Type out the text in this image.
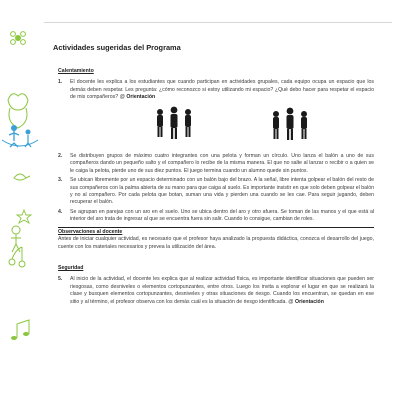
Actividades sugeridas del Programa
Calentamiento
1.	El docente les explica a los estudiantes que cuando participan en actividades grupales, cada equipo ocupa un espacio que los demás deben respetar. Les pregunta: ¿cómo reconozco si estoy utilizando mi espacio? ¿Qué debo hacer para respetar el espacio de mis compañeros? @ Orientación
2.	Se distribuyen grupos de máximo cuatro integrantes con una pelota y forman un círculo. Uno lanza el balón a uno de sus compañeros dando un pequeño salto y el compañero lo recibe de la misma manera. El que no salte al lanzar o recibir o a quien se le caiga la pelota, pierde uno de sus diez puntos. El juego termina cuando un alumno quede sin puntos.
3.	Se ubican libremente por un espacio determinado con un balón bajo del brazo. A la señal, libre intenta golpear el balón del resto de sus compañeros con la palma abierta de su mano para que caiga al suelo. Es importante insistir en que solo deben golpear el balón y no al compañero. Por cada pelota que botan, suman una vida y pierden una cuando se les cae. Para seguir jugando, deben recuperar el balón.
4.	Se agrupan en parejas con un aro en el suelo. Uno se ubica dentro del aro y otro afuera. Se toman de las manos y el que está al interior del aro trata de ingresar al que se encuentra fuera sin salir. Cuando lo consigue, cambian de roles.
Observaciones al docente
Antes de iniciar cualquier actividad, es necesario que el profesor haya analizado la propuesta didáctica, conozca el desarrollo del juego, cuente con los materiales necesarios y prevea la utilización del área.
Seguridad
5.	Al inicio de la actividad, el docente les explica que al realizar actividad física, es importante identificar situaciones que pueden ser riesgosas, como desniveles o elementos cortopunzantes, entre otros. Luego los invita a explorar el lugar en que se realizará la clase y busquen elementos cortopunzantes, desniveles y otras situaciones de riesgo. Cuando los encuentran, se quedan en ese sitio y al término, el profesor observa con los demás cuál es la situación de riesgo identificada. @ Orientación
